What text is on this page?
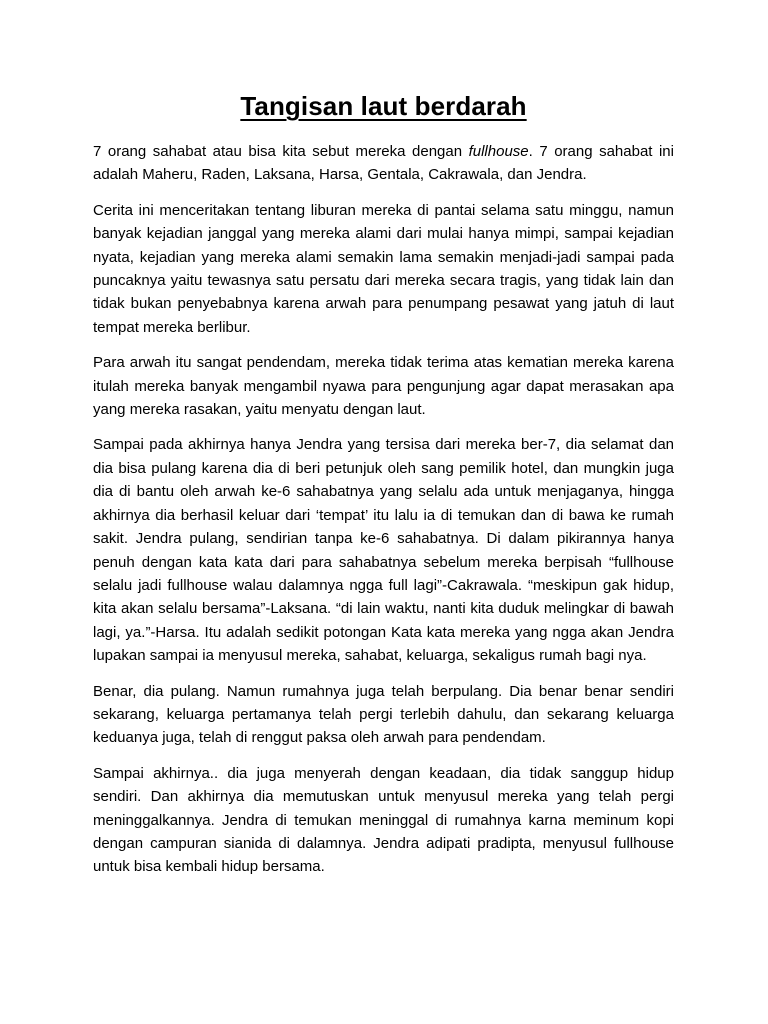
Tangisan laut berdarah

7 orang sahabat atau bisa kita sebut mereka dengan fullhouse. 7 orang sahabat ini adalah Maheru, Raden, Laksana, Harsa, Gentala, Cakrawala, dan Jendra.

Cerita ini menceritakan tentang liburan mereka di pantai selama satu minggu, namun banyak kejadian janggal yang mereka alami dari mulai hanya mimpi, sampai kejadian nyata, kejadian yang mereka alami semakin lama semakin menjadi-jadi sampai pada puncaknya yaitu tewasnya satu persatu dari mereka secara tragis, yang tidak lain dan tidak bukan penyebabnya karena arwah para penumpang pesawat yang jatuh di laut tempat mereka berlibur.

Para arwah itu sangat pendendam, mereka tidak terima atas kematian mereka karena itulah mereka banyak mengambil nyawa para pengunjung agar dapat merasakan apa yang mereka rasakan, yaitu menyatu dengan laut.

Sampai pada akhirnya hanya Jendra yang tersisa dari mereka ber-7, dia selamat dan dia bisa pulang karena dia di beri petunjuk oleh sang pemilik hotel, dan mungkin juga dia di bantu oleh arwah ke-6 sahabatnya yang selalu ada untuk menjaganya, hingga akhirnya dia berhasil keluar dari ‘tempat’ itu lalu ia di temukan dan di bawa ke rumah sakit. Jendra pulang, sendirian tanpa ke-6 sahabatnya. Di dalam pikirannya hanya penuh dengan kata kata dari para sahabatnya sebelum mereka berpisah “fullhouse selalu jadi fullhouse walau dalamnya ngga full lagi”-Cakrawala. “meskipun gak hidup, kita akan selalu bersama”-Laksana. “di lain waktu, nanti kita duduk melingkar di bawah lagi, ya.”-Harsa. Itu adalah sedikit potongan Kata kata mereka yang ngga akan Jendra lupakan sampai ia menyusul mereka, sahabat, keluarga, sekaligus rumah bagi nya.

Benar, dia pulang. Namun rumahnya juga telah berpulang. Dia benar benar sendiri sekarang, keluarga pertamanya telah pergi terlebih dahulu, dan sekarang keluarga keduanya juga, telah di renggut paksa oleh arwah para pendendam.

Sampai akhirnya.. dia juga menyerah dengan keadaan, dia tidak sanggup hidup sendiri. Dan akhirnya dia memutuskan untuk menyusul mereka yang telah pergi meninggalkannya. Jendra di temukan meninggal di rumahnya karna meminum kopi dengan campuran sianida di dalamnya. Jendra adipati pradipta, menyusul fullhouse untuk bisa kembali hidup bersama.
